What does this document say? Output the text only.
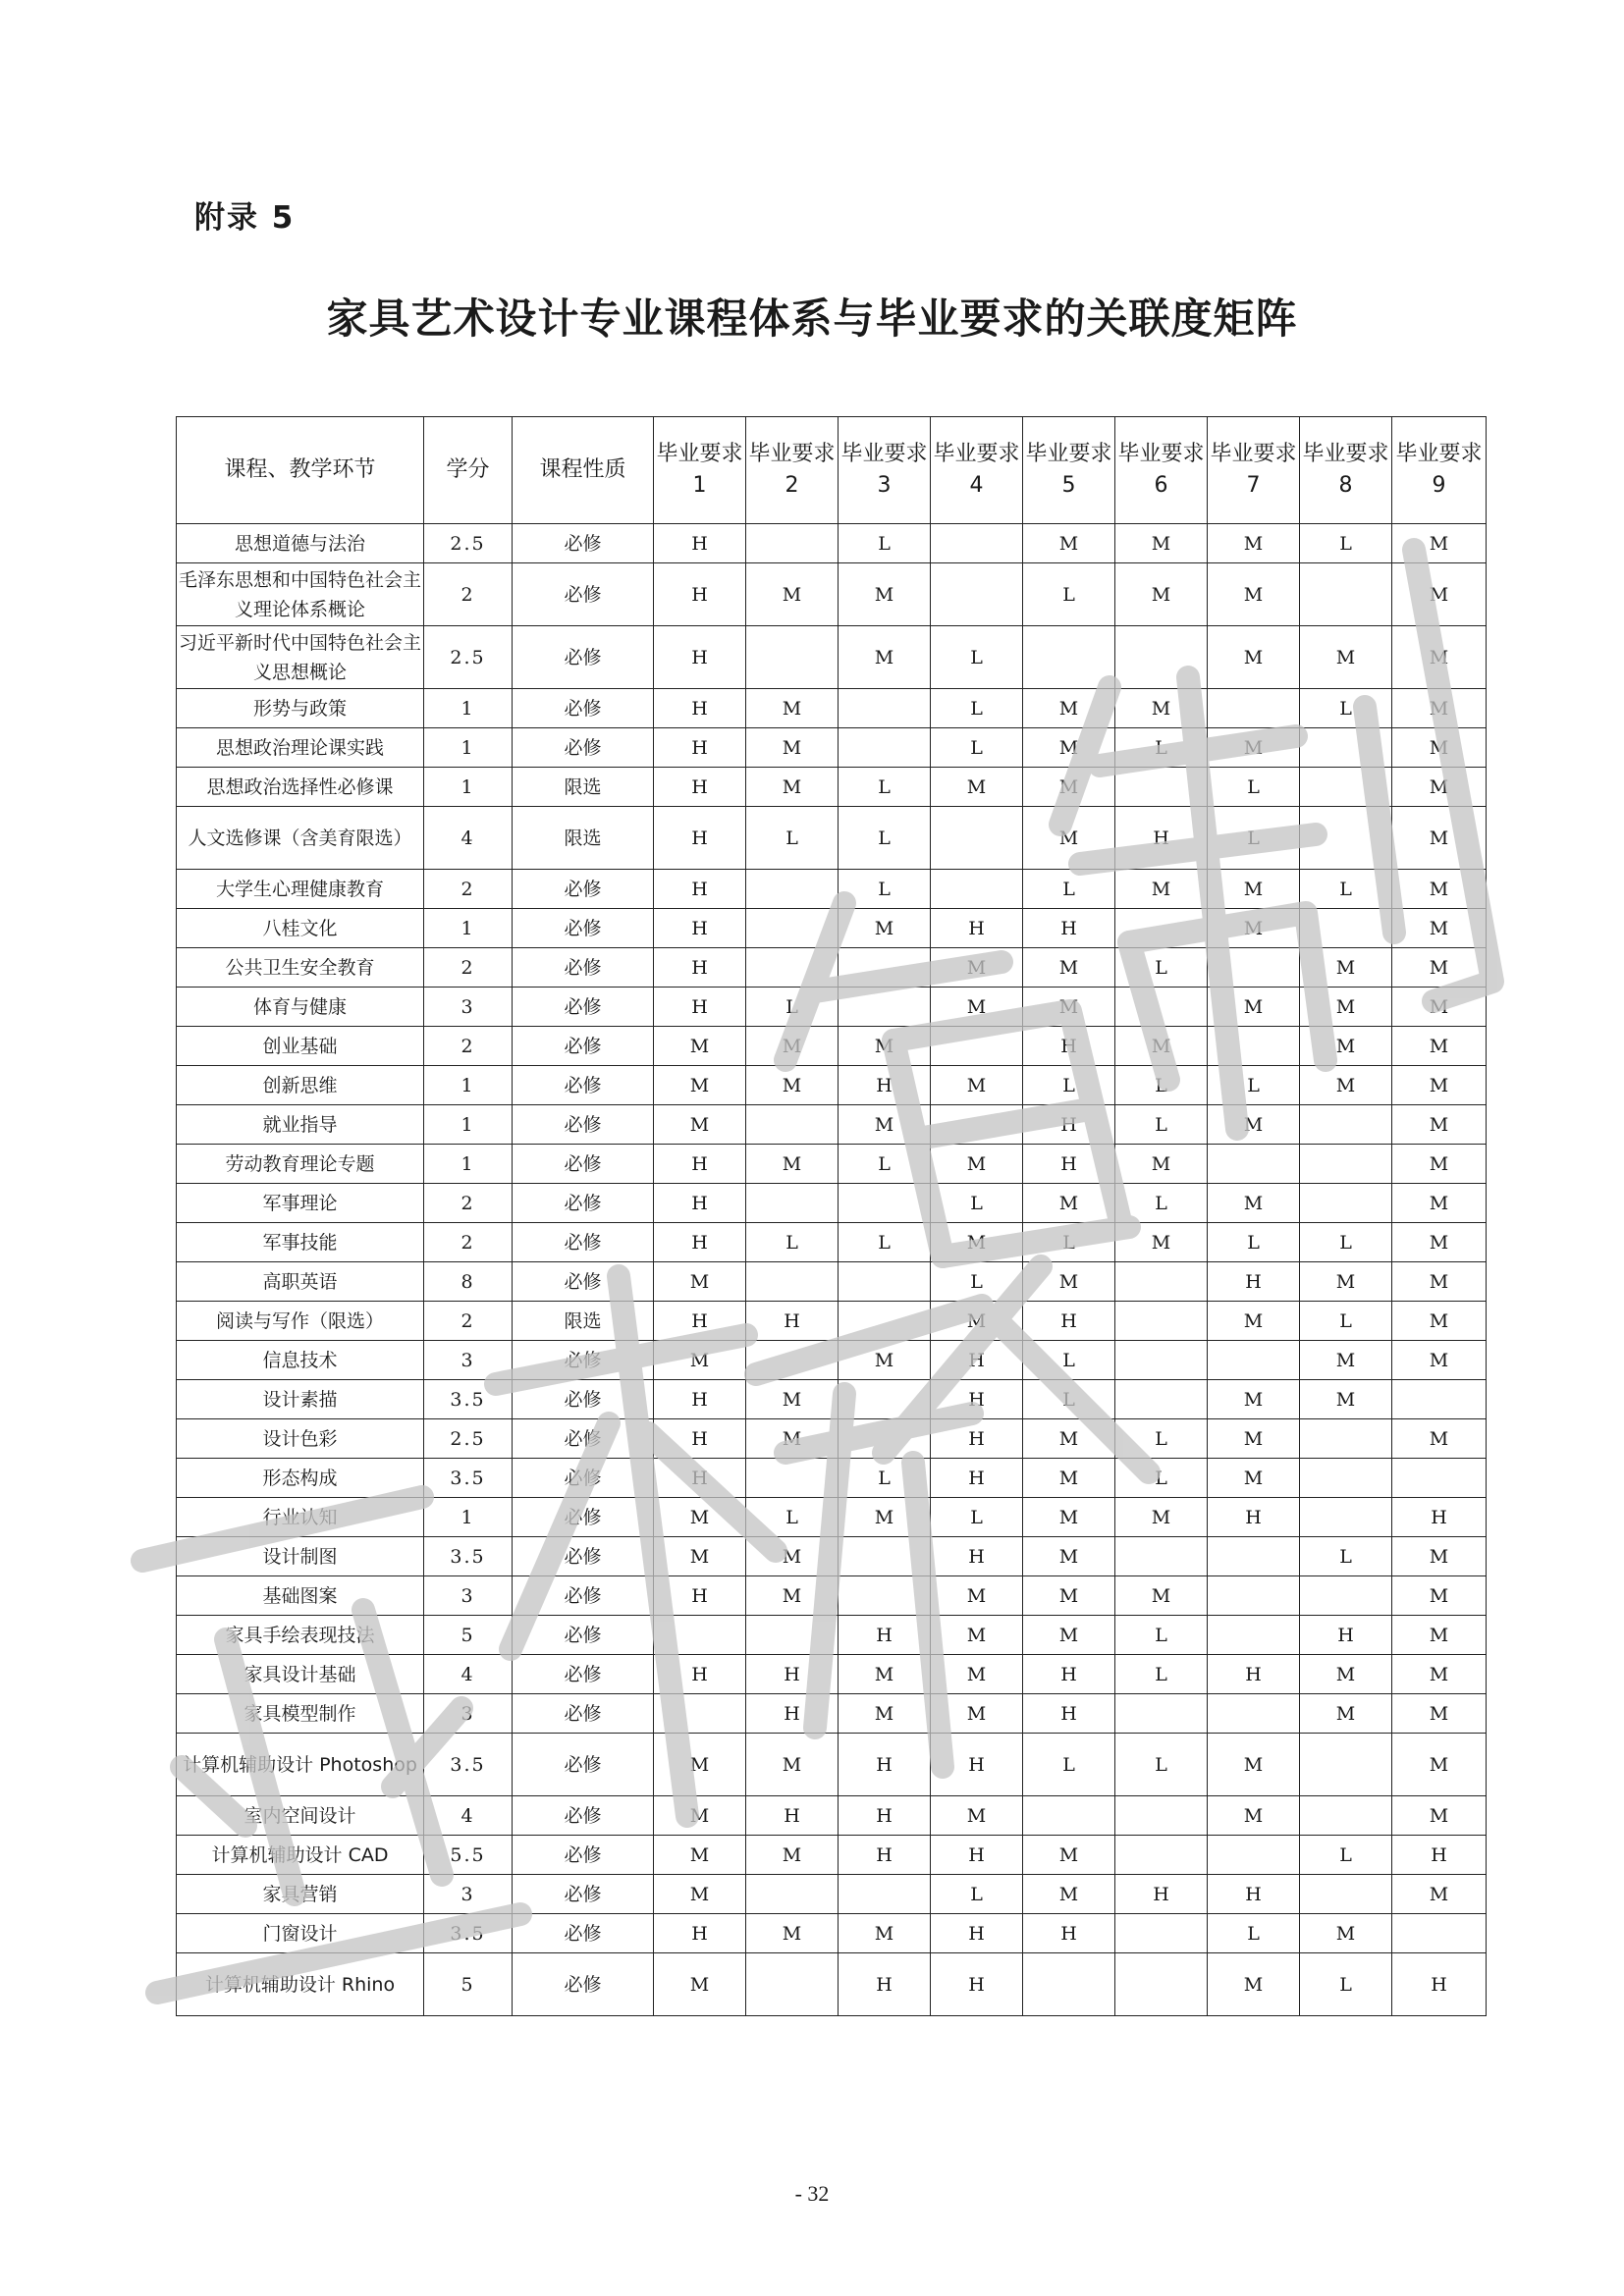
附录 5
家具艺术设计专业课程体系与毕业要求的关联度矩阵
课程、教学环节	学分	课程性质	毕业要求1	毕业要求2	毕业要求3	毕业要求4	毕业要求5	毕业要求6	毕业要求7	毕业要求8	毕业要求9
思想道德与法治	2.5	必修	H		L		M	M	M	L	M
毛泽东思想和中国特色社会主义理论体系概论	2	必修	H	M	M		L	M	M		M
习近平新时代中国特色社会主义思想概论	2.5	必修	H		M	L			M	M	M
形势与政策	1	必修	H	M		L	M	M		L	M
思想政治理论课实践	1	必修	H	M		L	M	L	M		M
思想政治选择性必修课	1	限选	H	M	L	M	M		L		M
人文选修课（含美育限选）	4	限选	H	L	L		M	H	L		M
大学生心理健康教育	2	必修	H		L		L	M	M	L	M
八桂文化	1	必修	H		M	H	H		M		M
公共卫生安全教育	2	必修	H			M	M	L		M	M
体育与健康	3	必修	H	L		M	M		M	M	M
创业基础	2	必修	M	M	M		H	M		M	M
创新思维	1	必修	M	M	H	M	L	L	L	M	M
就业指导	1	必修	M		M		H	L	M		M
劳动教育理论专题	1	必修	H	M	L	M	H	M			M
军事理论	2	必修	H			L	M	L	M		M
军事技能	2	必修	H	L	L	M	L	M	L	L	M
高职英语	8	必修	M			L	M		H	M	M
阅读与写作（限选）	2	限选	H	H		M	H		M	L	M
信息技术	3	必修	M		M	H	L			M	M
设计素描	3.5	必修	H	M		H	L		M	M	
设计色彩	2.5	必修	H	M		H	M	L	M		M
形态构成	3.5	必修	H		L	H	M	L	M		
行业认知	1	必修	M	L	M	L	M	M	H		H
设计制图	3.5	必修	M	M		H	M			L	M
基础图案	3	必修	H	M		M	M	M			M
家具手绘表现技法	5	必修			H	M	M	L		H	M
家具设计基础	4	必修	H	H	M	M	H	L	H	M	M
家具模型制作	3	必修		H	M	M	H			M	M
计算机辅助设计 Photoshop	3.5	必修	M	M	H	H	L	L	M		M
室内空间设计	4	必修	M	H	H	M			M		M
计算机辅助设计 CAD	5.5	必修	M	M	H	H	M			L	H
家具营销	3	必修	M			L	M	H	H		M
门窗设计	3.5	必修	H	M	M	H	H		L	M	
计算机辅助设计 Rhino	5	必修	M		H	H			M	L	H
- 32
